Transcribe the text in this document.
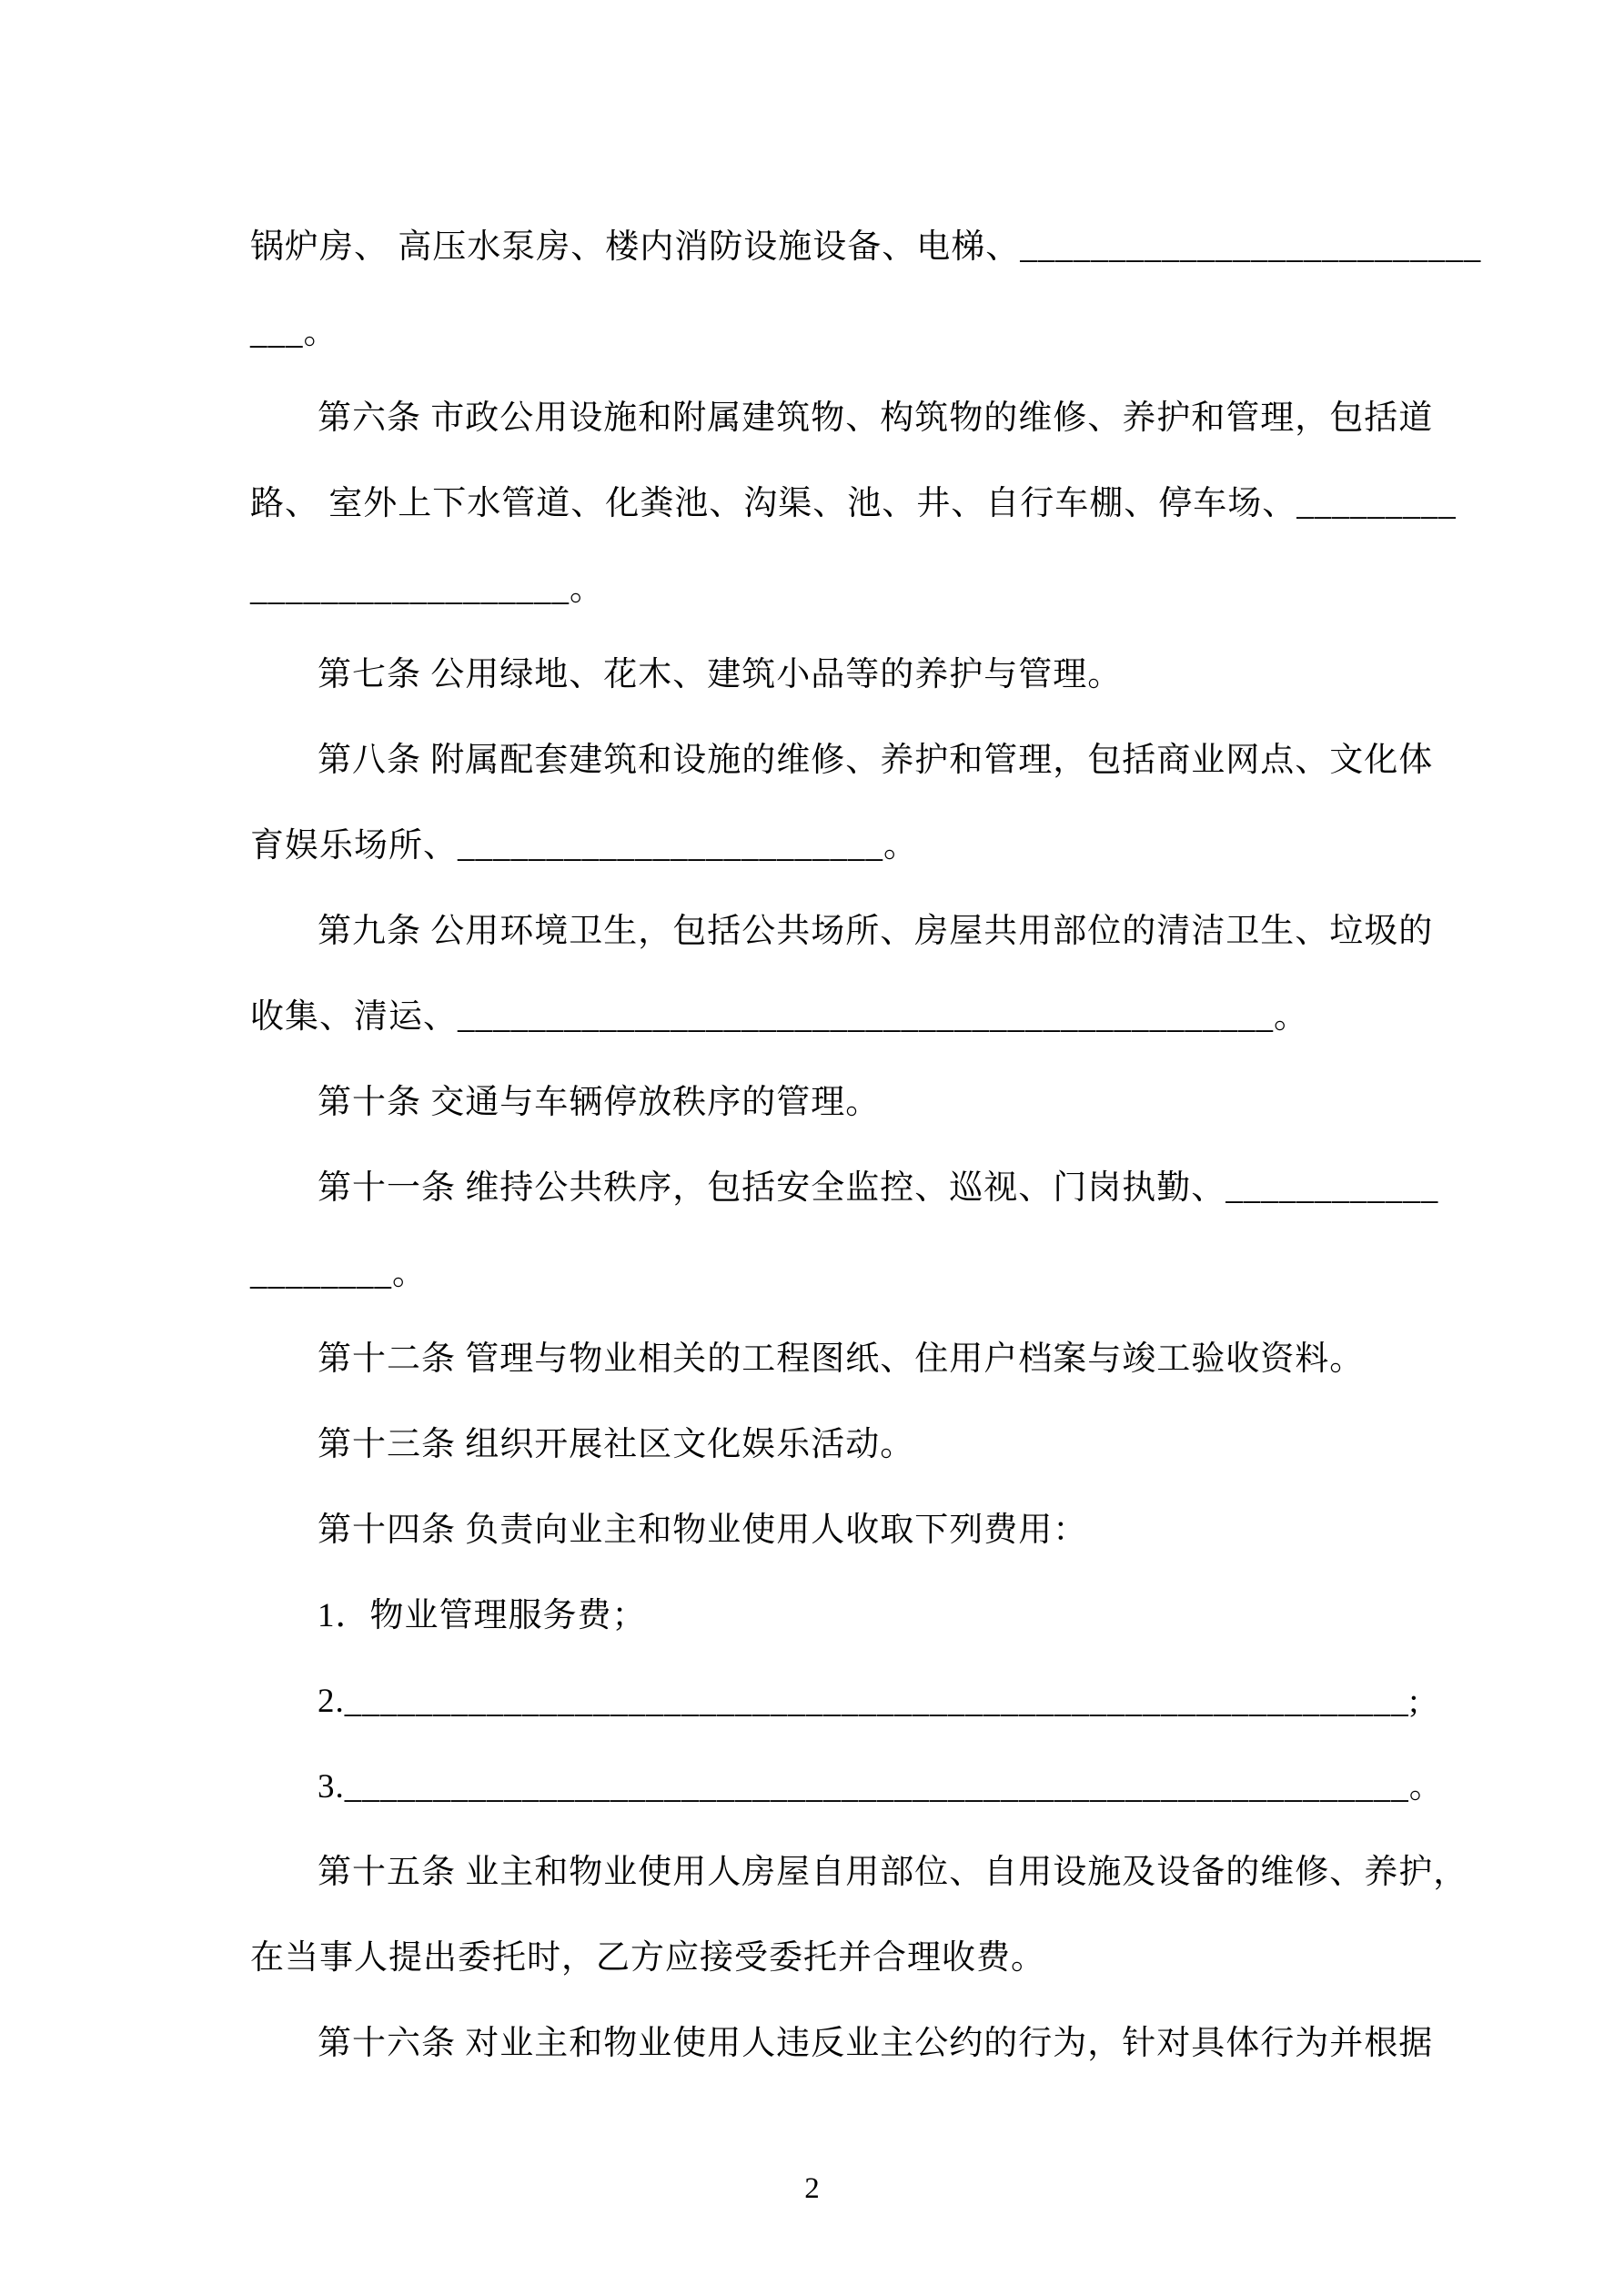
锅炉房、 高压水泵房、楼内消防设施设备、电梯、__________________________
___。
第六条 市政公用设施和附属建筑物、构筑物的维修、养护和管理，包括道
路、 室外上下水管道、化粪池、沟渠、池、井、自行车棚、停车场、_________
__________________。
第七条 公用绿地、花木、建筑小品等的养护与管理。
第八条 附属配套建筑和设施的维修、养护和管理，包括商业网点、文化体
育娱乐场所、________________________。
第九条 公用环境卫生，包括公共场所、房屋共用部位的清洁卫生、垃圾的
收集、清运、______________________________________________。
第十条 交通与车辆停放秩序的管理。
第十一条 维持公共秩序，包括安全监控、巡视、门岗执勤、____________
________。
第十二条 管理与物业相关的工程图纸、住用户档案与竣工验收资料。
第十三条 组织开展社区文化娱乐活动。
第十四条 负责向业主和物业使用人收取下列费用：
1．物业管理服务费；
2.____________________________________________________________;
3.____________________________________________________________。
第十五条 业主和物业使用人房屋自用部位、自用设施及设备的维修、养护，
在当事人提出委托时，乙方应接受委托并合理收费。
第十六条 对业主和物业使用人违反业主公约的行为，针对具体行为并根据
2
